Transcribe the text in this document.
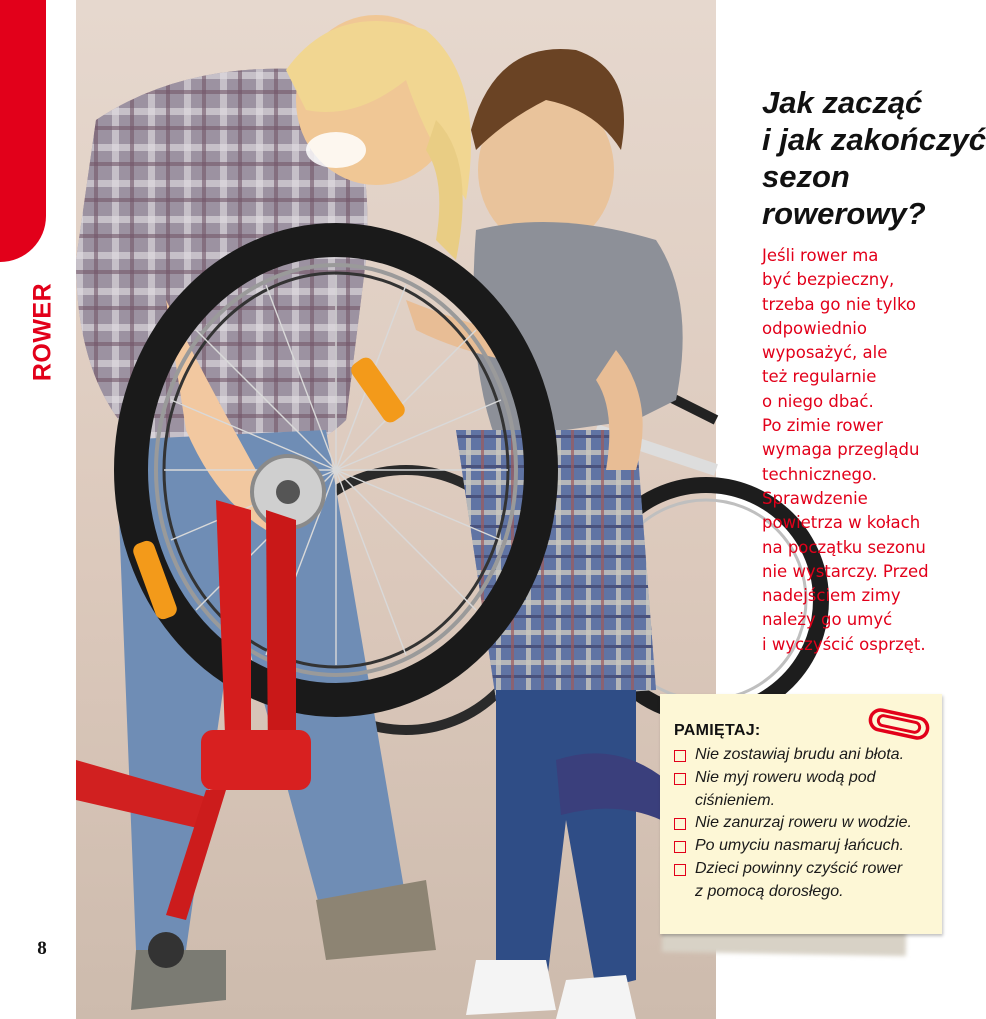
ROWER
8
Jak zacząć
i jak zakończyć
sezon
rowerowy?
Jeśli rower ma
być bezpieczny,
trzeba go nie tylko
odpowiednio
wyposażyć, ale
też regularnie
o niego dbać.
Po zimie rower
wymaga przeglądu
technicznego.
Sprawdzenie
powietrza w kołach
na początku sezonu
nie wystarczy. Przed
nadejściem zimy
należy go umyć
i wyczyścić osprzęt.
PAMIĘTAJ:
Nie zostawiaj brudu ani błota.
Nie myj roweru wodą pod
ciśnieniem.
Nie zanurzaj roweru w wodzie.
Po umyciu nasmaruj łańcuch.
Dzieci powinny czyścić rower
z pomocą dorosłego.
